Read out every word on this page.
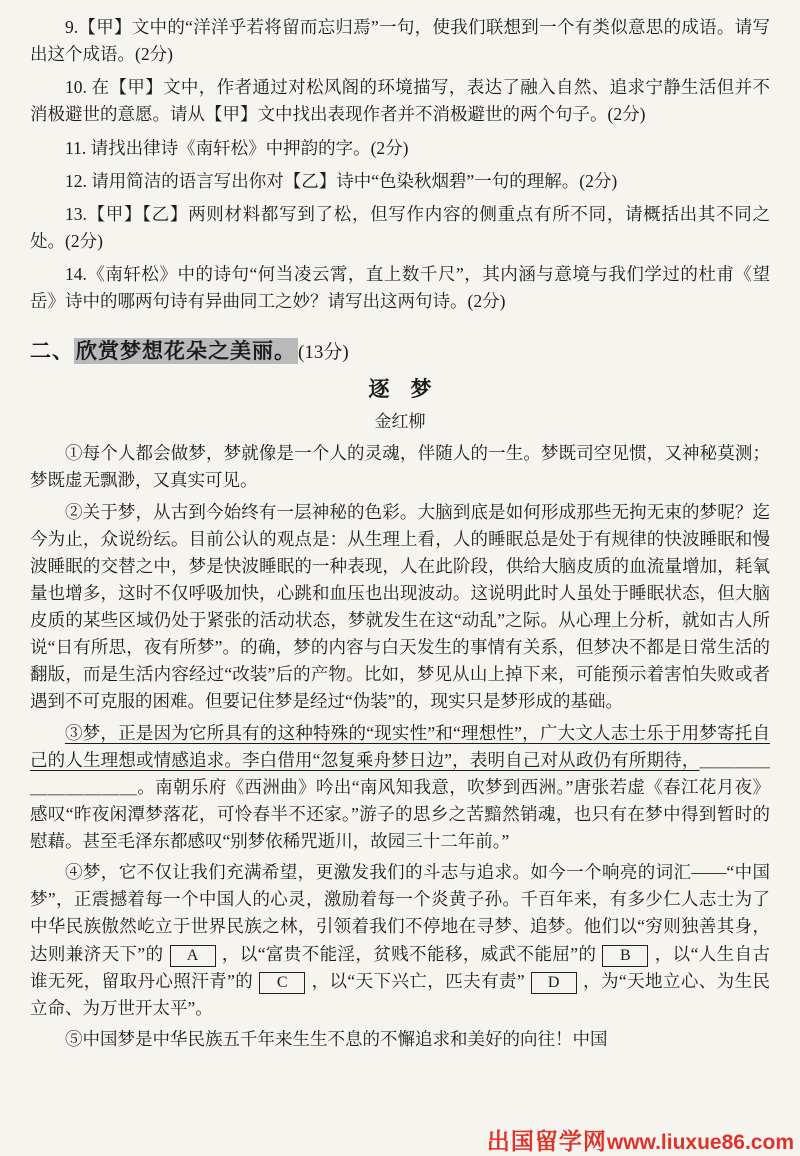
9.【甲】文中的“洋洋乎若将留而忘归焉”一句，使我们联想到一个有类似意思的成语。请写出这个成语。(2分)

10. 在【甲】文中，作者通过对松风阁的环境描写，表达了融入自然、追求宁静生活但并不消极避世的意愿。请从【甲】文中找出表现作者并不消极避世的两个句子。(2分)

11. 请找出律诗《南轩松》中押韵的字。(2分)

12. 请用简洁的语言写出你对【乙】诗中“色染秋烟碧”一句的理解。(2分)

13.【甲】【乙】两则材料都写到了松，但写作内容的侧重点有所不同，请概括出其不同之处。(2分)

14.《南轩松》中的诗句“何当凌云霄，直上数千尺”，其内涵与意境与我们学过的杜甫《望岳》诗中的哪两句诗有异曲同工之妙？请写出这两句诗。(2分)

二、欣赏梦想花朵之美丽。 (13分)
逐　梦
金红柳

①每个人都会做梦，梦就像是一个人的灵魂，伴随人的一生。梦既司空见惯，又神秘莫测；梦既虚无飘渺，又真实可见。

②关于梦，从古到今始终有一层神秘的色彩。大脑到底是如何形成那些无拘无束的梦呢？迄今为止，众说纷纭。目前公认的观点是：从生理上看，人的睡眠总是处于有规律的快波睡眠和慢波睡眠的交替之中，梦是快波睡眠的一种表现，人在此阶段，供给大脑皮质的血流量增加，耗氧量也增多，这时不仅呼吸加快，心跳和血压也出现波动。这说明此时人虽处于睡眠状态，但大脑皮质的某些区域仍处于紧张的活动状态，梦就发生在这“动乱”之际。从心理上分析，就如古人所说“日有所思，夜有所梦”。的确，梦的内容与白天发生的事情有关系，但梦决不都是日常生活的翻版，而是生活内容经过“改装”后的产物。比如，梦见从山上掉下来，可能预示着害怕失败或者遇到不可克服的困难。但要记住梦是经过“伪装”的，现实只是梦形成的基础。

③梦，正是因为它所具有的这种特殊的“现实性”和“理想性”，广大文人志士乐于用梦寄托自己的人生理想或情感追求。李白借用“忽复乘舟梦日边”，表明自己对从政仍有所期待，＿＿＿＿＿＿＿＿＿＿。南朝乐府《西洲曲》吟出“南风知我意，吹梦到西洲。”唐张若虚《春江花月夜》感叹“昨夜闲潭梦落花，可怜春半不还家。”游子的思乡之苦黯然销魂，也只有在梦中得到暂时的慰藉。甚至毛泽东都感叹“别梦依稀咒逝川，故园三十二年前。”

④梦，它不仅让我们充满希望，更激发我们的斗志与追求。如今一个响亮的词汇——“中国梦”，正震撼着每一个中国人的心灵，激励着每一个炎黄子孙。千百年来，有多少仁人志士为了中华民族傲然屹立于世界民族之林，引领着我们不停地在寻梦、追梦。他们以“穷则独善其身，达则兼济天下”的 A ，以“富贵不能淫，贫贱不能移，威武不能屈”的 B ，以“人生自古谁无死，留取丹心照汗青”的 C ，以“天下兴亡，匹夫有责” D ，为“天地立心、为生民立命、为万世开太平”。

⑤中国梦是中华民族五千年来生生不息的不懈追求和美好的向往！中国

出国留学网www.liuxue86.com
